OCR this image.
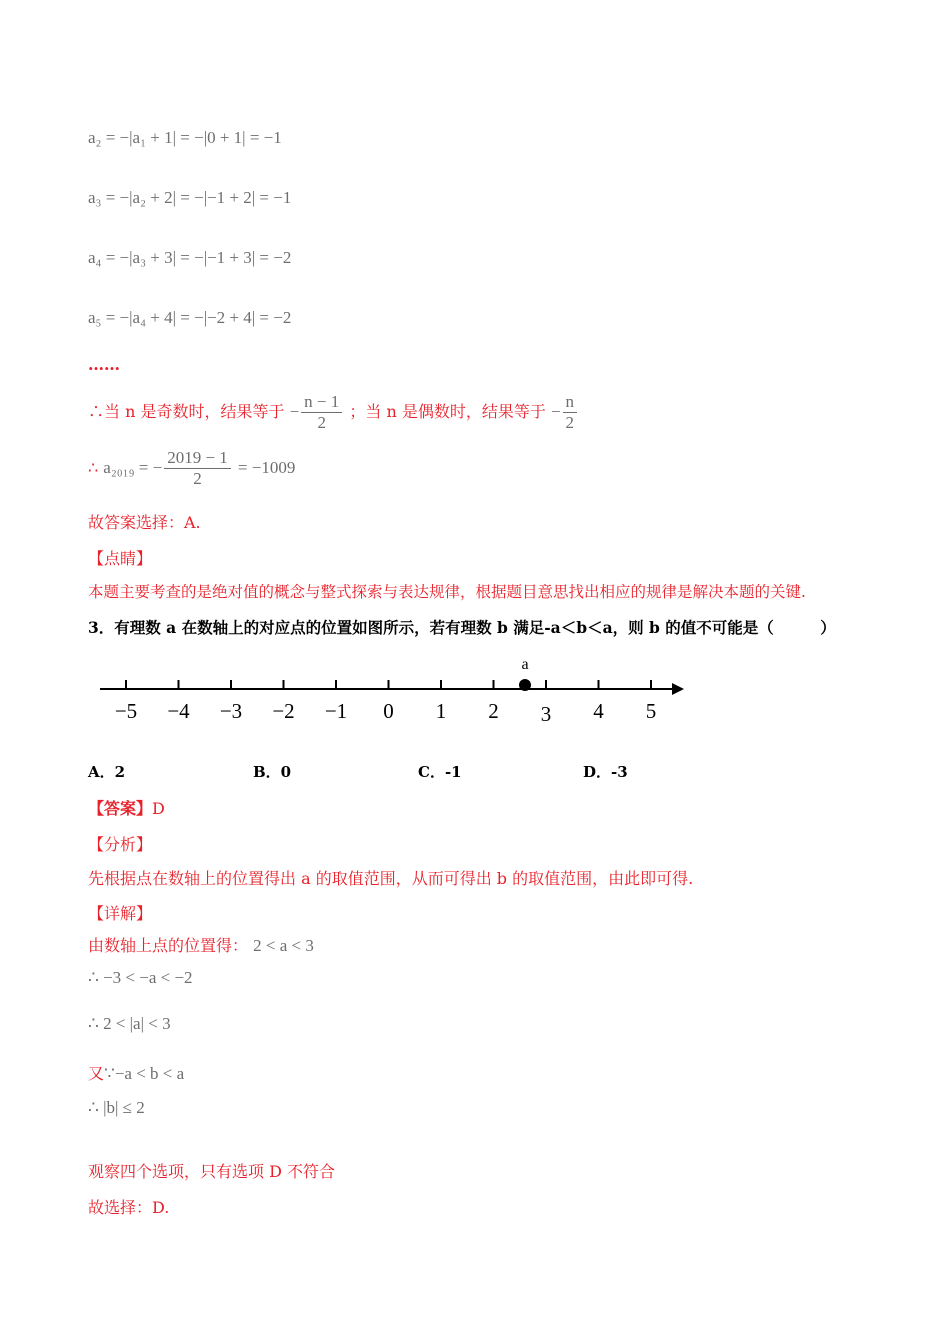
a₂ = −|a₁ + 1| = −|0 + 1| = −1
a₃ = −|a₂ + 2| = −|−1 + 2| = −1
a₄ = −|a₃ + 3| = −|−1 + 3| = −2
a₅ = −|a₄ + 4| = −|−2 + 4| = −2
……
∴当 n 是奇数时，结果等于 − $\frac{n - 1}{2}$ ；当 n 是偶数时，结果等于 − $\frac{n}{2}$
∴ a₂₀₁₉ = − $\frac{2019 - 1}{2} = -1009$
故答案选择：A.
【点睛】
本题主要考查的是绝对值的概念与整式探索与表达规律，根据题目意思找出相应的规律是解决本题的关键.
3．有理数 a 在数轴上的对应点的位置如图所示，若有理数 b 满足-a＜b＜a，则 b 的值不可能是（　　　）
−5 −4 −3 −2 −1 0 1 2 3 4 5
a
A．2	B．0	C．-1	D．-3
【答案】D
【分析】
先根据点在数轴上的位置得出 a 的取值范围，从而可得出 b 的取值范围，由此即可得.
【详解】
由数轴上点的位置得： 2 < a < 3
∴ −3 < −a < −2
∴ 2 < |a| < 3
又∵−a < b < a
∴ |b| ≤ 2
观察四个选项，只有选项 D 不符合
故选择：D.
